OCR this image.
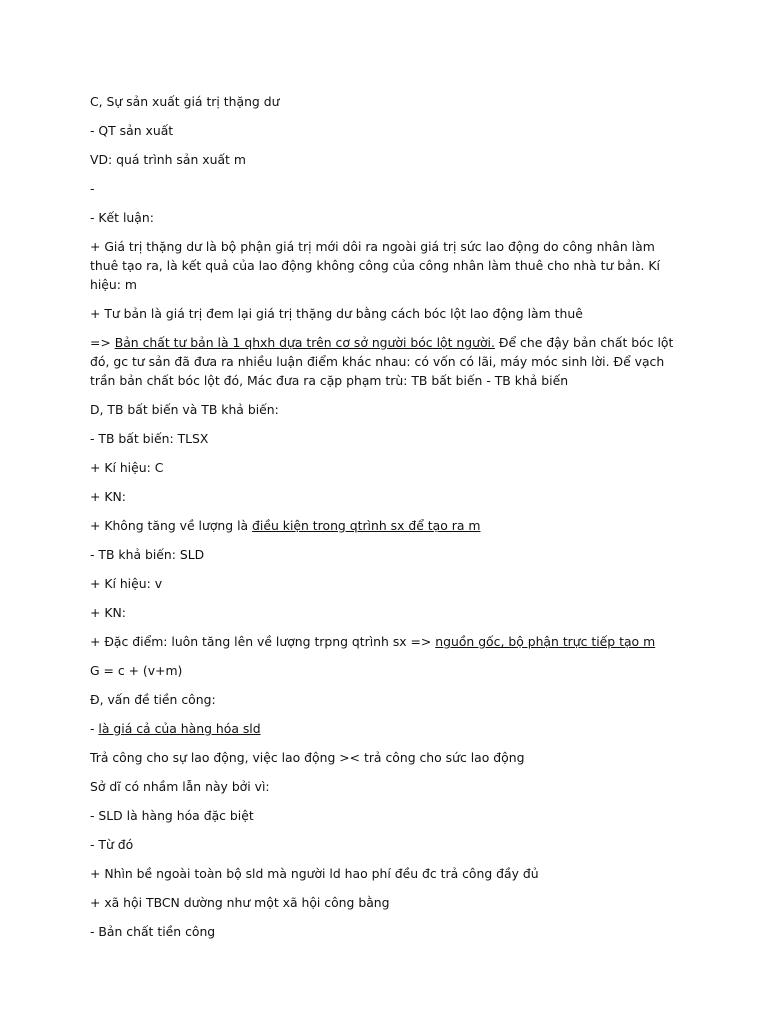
C, Sự sản xuất giá trị thặng dư

- QT sản xuất

VD: quá trình sản xuất m

-

- Kết luận:

+ Giá trị thặng dư là bộ phận giá trị mới dôi ra ngoài giá trị sức lao động do công nhân làm thuê tạo ra, là kết quả của lao động không công của công nhân làm thuê cho nhà tư bản. Kí hiệu: m

+ Tư bản là giá trị đem lại giá trị thặng dư bằng cách bóc lột lao động làm thuê

=> Bản chất tư bản là 1 qhxh dựa trên cơ sở người bóc lột người. Để che đậy bản chất bóc lột đó, gc tư sản đã đưa ra nhiều luận điểm khác nhau: có vốn có lãi, máy móc sinh lời. Để vạch trần bản chất bóc lột đó, Mác đưa ra cặp phạm trù: TB bất biến - TB khả biến

D, TB bất biến và TB khả biến:

- TB bất biến: TLSX

+ Kí hiệu: C

+ KN:

+ Không tăng về lượng là điều kiện trong qtrình sx để tạo ra m

- TB khả biến: SLD

+ Kí hiệu: v

+ KN:

+ Đặc điểm: luôn tăng lên về lượng trpng qtrình sx => nguồn gốc, bộ phận trực tiếp tạo m

G = c + (v+m)

Đ, vấn đề tiền công:

- là giá cả của hàng hóa sld

Trả công cho sự lao động, việc lao động >< trả công cho sức lao động

Sở dĩ có nhầm lẫn này bởi vì:

- SLD là hàng hóa đặc biệt

- Từ đó

+ Nhìn bề ngoài toàn bộ sld mà người ld hao phí đều đc trả công đầy đủ

+ xã hội TBCN dường như một xã hội công bằng

- Bản chất tiền công
